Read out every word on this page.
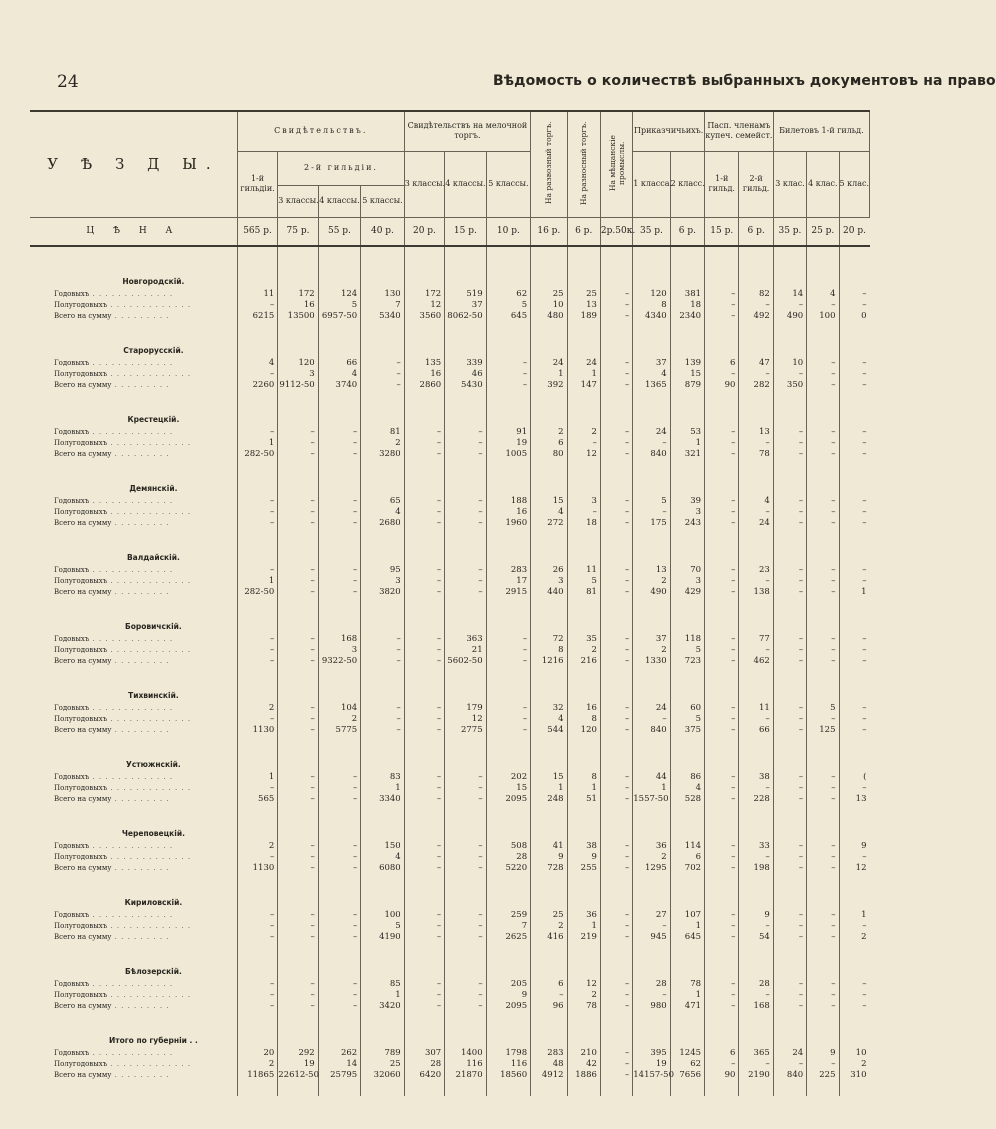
24	Вѣдомость о количествѣ выбранныхъ документовъ на право
У Ѣ З Д Ы.	Свидѣтельствъ.				Свидѣтельствъ на мелочной торгъ.			На развозный торгъ.	На разносный торгъ.	На мѣщанскіе промыслы.	Приказчичьихъ.		Пасп. членамъ купеч. семейст.		Билетовъ 1-й гильд.		
	1-й гильдіи.	2-й гильдіи.			3 классы.	4 классы.	5 классы.				1 класса.	2 класс.	1-й гильд.	2-й гильд.	3 клас.	4 клас.	5 клас.
		3 классы.	4 классы.	5 классы.													
Ц Ѣ Н А	565 р.	75 р.	55 р.	40 р.	20 р.	15 р.	10 р.	16 р.	6 р.	2р.50к.	35 р.	6 р.	15 р.	6 р.	35 р.	25 р.	20 р.

Новгородскій.																	
Годовыхъ . . . . . . . . . . . . .	11	172	124	130	172	519	62	25	25	–	120	381	–	82	14	4	–
Полугодовыхъ . . . . . . . . . . . . .	–	16	5	7	12	37	5	10	13	–	8	18	–	–	–	–	–
Всего на сумму . . . . . . . . .	6215	13500	6957-50	5340	3560	8062-50	645	480	189	–	4340	2340	–	492	490	100	0
Старорусскій.																	
Годовыхъ . . . . . . . . . . . . .	4	120	66	–	135	339	–	24	24	–	37	139	6	47	10	–	–
Полугодовыхъ . . . . . . . . . . . . .	–	3	4	–	16	46	–	1	1	–	4	15	–	–	–	–	–
Всего на сумму . . . . . . . . .	2260	9112-50	3740	–	2860	5430	–	392	147	–	1365	879	90	282	350	–	–
Крестецкій.																	
Годовыхъ . . . . . . . . . . . . .	–	–	–	81	–	–	91	2	2	–	24	53	–	13	–	–	–
Полугодовыхъ . . . . . . . . . . . . .	1	–	–	2	–	–	19	6	–	–	–	1	–	–	–	–	–
Всего на сумму . . . . . . . . .	282-50	–	–	3280	–	–	1005	80	12	–	840	321	–	78	–	–	–
Демянскій.																	
Годовыхъ . . . . . . . . . . . . .	–	–	–	65	–	–	188	15	3	–	5	39	–	4	–	–	–
Полугодовыхъ . . . . . . . . . . . . .	–	–	–	4	–	–	16	4	–	–	–	3	–	–	–	–	–
Всего на сумму . . . . . . . . .	–	–	–	2680	–	–	1960	272	18	–	175	243	–	24	–	–	–
Валдайскій.																	
Годовыхъ . . . . . . . . . . . . .	–	–	–	95	–	–	283	26	11	–	13	70	–	23	–	–	–
Полугодовыхъ . . . . . . . . . . . . .	1	–	–	3	–	–	17	3	5	–	2	3	–	–	–	–	–
Всего на сумму . . . . . . . . .	282-50	–	–	3820	–	–	2915	440	81	–	490	429	–	138	–	–	1
Боровичскій.																	
Годовыхъ . . . . . . . . . . . . .	–	–	168	–	–	363	–	72	35	–	37	118	–	77	–	–	–
Полугодовыхъ . . . . . . . . . . . . .	–	–	3	–	–	21	–	8	2	–	2	5	–	–	–	–	–
Всего на сумму . . . . . . . . .	–	–	9322-50	–	–	5602-50	–	1216	216	–	1330	723	–	462	–	–	–
Тихвинскій.																	
Годовыхъ . . . . . . . . . . . . .	2	–	104	–	–	179	–	32	16	–	24	60	–	11	–	5	–
Полугодовыхъ . . . . . . . . . . . . .	–	–	2	–	–	12	–	4	8	–	–	5	–	–	–	–	–
Всего на сумму . . . . . . . . .	1130	–	5775	–	–	2775	–	544	120	–	840	375	–	66	–	125	–
Устюжнскій.																	
Годовыхъ . . . . . . . . . . . . .	1	–	–	83	–	–	202	15	8	–	44	86	–	38	–	–	(
Полугодовыхъ . . . . . . . . . . . . .	–	–	–	1	–	–	15	1	1	–	1	4	–	–	–	–	–
Всего на сумму . . . . . . . . .	565	–	–	3340	–	–	2095	248	51	–	1557-50	528	–	228	–	–	13
Череповецкій.																	
Годовыхъ . . . . . . . . . . . . .	2	–	–	150	–	–	508	41	38	–	36	114	–	33	–	–	9
Полугодовыхъ . . . . . . . . . . . . .	–	–	–	4	–	–	28	9	9	–	2	6	–	–	–	–	–
Всего на сумму . . . . . . . . .	1130	–	–	6080	–	–	5220	728	255	–	1295	702	–	198	–	–	12
Кириловскій.																	
Годовыхъ . . . . . . . . . . . . .	–	–	–	100	–	–	259	25	36	–	27	107	–	9	–	–	1
Полугодовыхъ . . . . . . . . . . . . .	–	–	–	5	–	–	7	2	1	–	–	1	–	–	–	–	–
Всего на сумму . . . . . . . . .	–	–	–	4190	–	–	2625	416	219	–	945	645	–	54	–	–	2
Бѣлозерскій.																	
Годовыхъ . . . . . . . . . . . . .	–	–	–	85	–	–	205	6	12	–	28	78	–	28	–	–	–
Полугодовыхъ . . . . . . . . . . . . .	–	–	–	1	–	–	9	–	2	–	–	1	–	–	–	–	–
Всего на сумму . . . . . . . . .	–	–	–	3420	–	–	2095	96	78	–	980	471	–	168	–	–	–
Итого по губерніи . .																	
Годовыхъ . . . . . . . . . . . . .	20	292	262	789	307	1400	1798	283	210	–	395	1245	6	365	24	9	10
Полугодовыхъ . . . . . . . . . . . . .	2	19	14	25	28	116	116	48	42	–	19	62	–	–	–	–	2
Всего на сумму . . . . . . . . .	11865	22612-50	25795	32060	6420	21870	18560	4912	1886	–	14157-50	7656	90	2190	840	225	310
